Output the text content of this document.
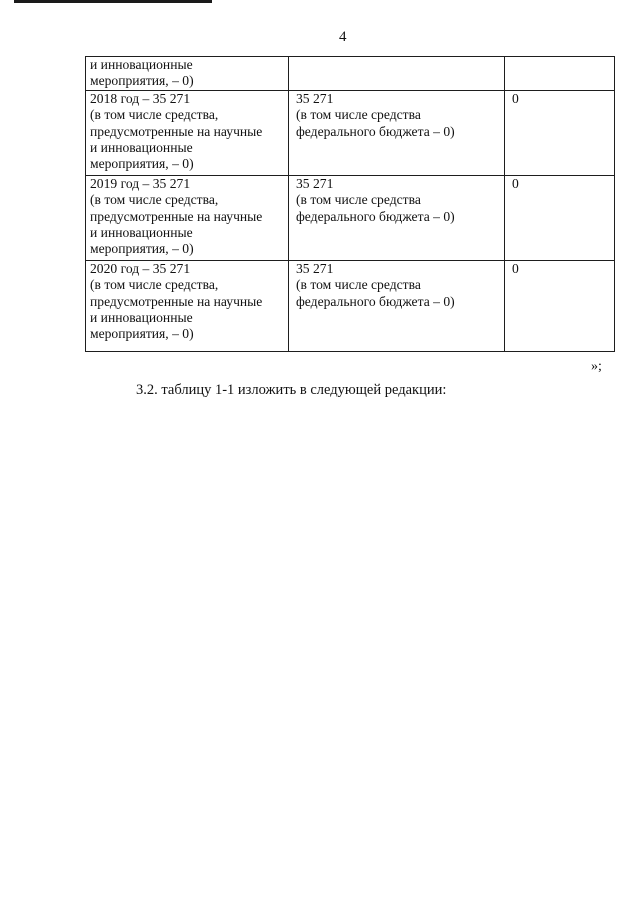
4
и инновационные
мероприятия, – 0)		
2018 год – 35 271
(в том числе средства,
предусмотренные на научные
и инновационные
мероприятия, – 0)	35 271
(в том числе средства
федерального бюджета – 0)	0
2019 год – 35 271
(в том числе средства,
предусмотренные на научные
и инновационные
мероприятия, – 0)	35 271
(в том числе средства
федерального бюджета – 0)	0
2020 год – 35 271
(в том числе средства,
предусмотренные на научные
и инновационные
мероприятия, – 0)	35 271
(в том числе средства
федерального бюджета – 0)	0
»;
3.2. таблицу 1-1 изложить в следующей редакции:
